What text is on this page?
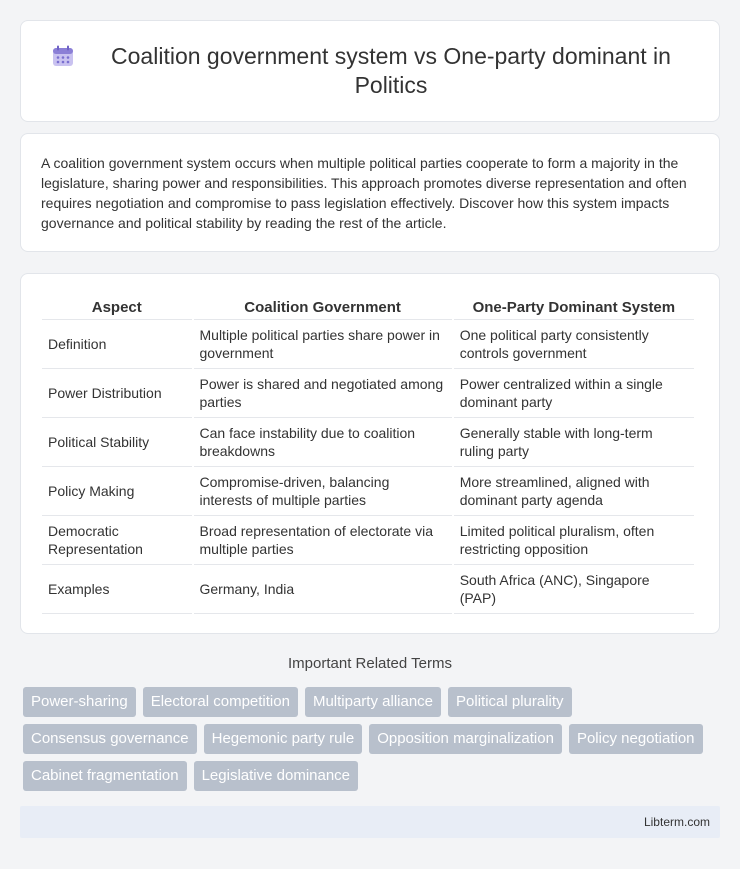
Coalition government system vs One-party dominant in Politics

A coalition government system occurs when multiple political parties cooperate to form a majority in the legislature, sharing power and responsibilities. This approach promotes diverse representation and often requires negotiation and compromise to pass legislation effectively. Discover how this system impacts governance and political stability by reading the rest of the article.

Aspect	Coalition Government	One-Party Dominant System
Definition	Multiple political parties share power in government	One political party consistently controls government
Power Distribution	Power is shared and negotiated among parties	Power centralized within a single dominant party
Political Stability	Can face instability due to coalition breakdowns	Generally stable with long-term ruling party
Policy Making	Compromise-driven, balancing interests of multiple parties	More streamlined, aligned with dominant party agenda
Democratic Representation	Broad representation of electorate via multiple parties	Limited political pluralism, often restricting opposition
Examples	Germany, India	South Africa (ANC), Singapore (PAP)
Important Related Terms
Power-sharing	Electoral competition	Multiparty alliance	Political plurality
Consensus governance	Hegemonic party rule	Opposition marginalization	Policy negotiation
Cabinet fragmentation	Legislative dominance
Libterm.com
